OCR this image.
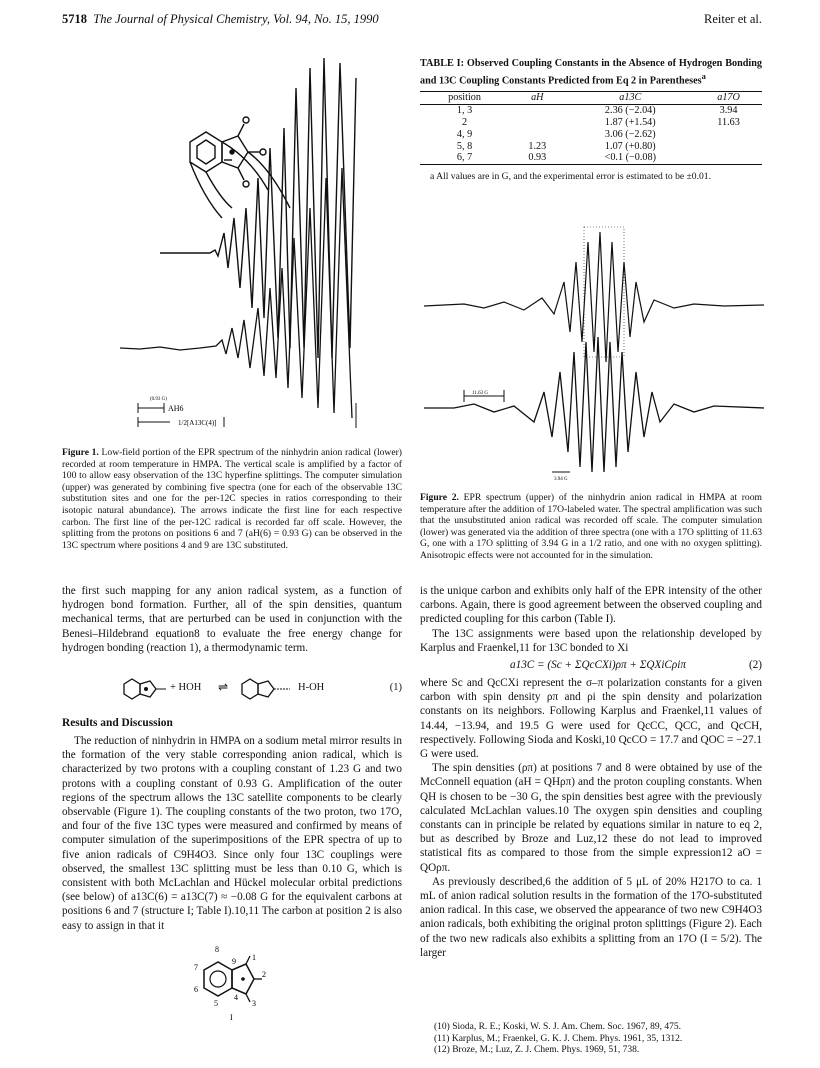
5718 The Journal of Physical Chemistry, Vol. 94, No. 15, 1990	Reiter et al.
(0.93 G)
AH6
1/2[A13C(4)]
Figure 1. Low-field portion of the EPR spectrum of the ninhydrin anion radical (lower) recorded at room temperature in HMPA. The vertical scale is amplified by a factor of 100 to allow easy observation of the 13C hyperfine splittings. The computer simulation (upper) was generated by combining five spectra (one for each of the observable 13C substitution sites and one for the per-12C species in ratios corresponding to their isotopic natural abundance). The arrows indicate the first line for each respective carbon. The first line of the per-12C radical is recorded far off scale. However, the splitting from the protons on positions 6 and 7 (aH(6) = 0.93 G) can be observed in the 13C spectrum where positions 4 and 9 are 13C substituted.
the first such mapping for any anion radical system, as a function of hydrogen bond formation. Further, all of the spin densities, quantum mechanical terms, that are perturbed can be used in conjunction with the Benesi–Hildebrand equation8 to evaluate the free energy change for hydrogen bonding (reaction 1), a thermodynamic term.
+ HOH ⇌	H-OH	(1)
Results and Discussion

The reduction of ninhydrin in HMPA on a sodium metal mirror results in the formation of the very stable corresponding anion radical, which is characterized by two protons with a coupling constant of 1.23 G and two protons with a coupling constant of 0.93 G. Amplification of the outer regions of the spectrum allows the 13C satellite components to be clearly observable (Figure 1). The coupling constants of the two proton, two 17O, and four of the five 13C types were measured and confirmed by means of computer simulation of the superimpositions of the EPR spectra of up to five anion radicals of C9H4O3. Since only four 13C couplings were observed, the smallest 13C splitting must be less than 0.10 G, which is consistent with both McLachlan and Hückel molecular orbital predictions (see below) of a13C(6) = a13C(7) ≈ −0.08 G for the equivalent carbons at positions 6 and 7 (structure I; Table I).10,11 The carbon at position 2 is also easy to assign in that it

8
9 1
7
2
6
3
5
4
I
TABLE I: Observed Coupling Constants in the Absence of Hydrogen Bonding and 13C Coupling Constants Predicted from Eq 2 in Parentheses$^a$
position	aH	a13C	a17O
1, 3		2.36 (−2.04)	3.94
2		1.87 (+1.54)	11.63
4, 9		3.06 (−2.62)	
5, 8	1.23	1.07 (+0.80)	
6, 7	0.93	<0.1 (−0.08)	
a All values are in G, and the experimental error is estimated to be ±0.01.
11.63 G
3.94 G
Figure 2. EPR spectrum (upper) of the ninhydrin anion radical in HMPA at room temperature after the addition of 17O-labeled water. The spectral amplification was such that the unsubstituted anion radical was recorded off scale. The computer simulation (lower) was generated via the addition of three spectra (one with a 17O splitting of 11.63 G, one with a 17O splitting of 3.94 G in a 1/2 ratio, and one with no oxygen splitting). Anisotropic effects were not accounted for in the simulation.

is the unique carbon and exhibits only half of the EPR intensity of the other carbons. Again, there is good agreement between the observed coupling and predicted coupling for this carbon (Table I).

The 13C assignments were based upon the relationship developed by Karplus and Fraenkel,11 for 13C bonded to Xi

a13C = (Sc + ΣQcCXi)ρπ + ΣQXiCρiπ	(2)

where Sc and QcCXi represent the σ–π polarization constants for a given carbon with spin density ρπ and ρi the spin density and polarization constants on its neighbors. Following Karplus and Fraenkel,11 values of 14.44, −13.94, and 19.5 G were used for QcCC, QCC, and QcCH, respectively. Following Sioda and Koski,10 QcCO = 17.7 and QOC = −27.1 G were used.

The spin densities (ρπ) at positions 7 and 8 were obtained by use of the McConnell equation (aH = QHρπ) and the proton coupling constants. When QH is chosen to be −30 G, the spin densities best agree with the previously calculated McLachlan values.10 The oxygen spin densities and coupling constants can in principle be related by equations similar in nature to eq 2, but as described by Broze and Luz,12 these do not lead to improved statistical fits as compared to those from the simple expression12 aO = QOρπ.

As previously described,6 the addition of 5 μL of 20% H217O to ca. 1 mL of anion radical solution results in the formation of the 17O-substituted anion radical. In this case, we observed the appearance of two new C9H4O3 anion radicals, both exhibiting the original proton splittings (Figure 2). Each of the two new radicals also exhibits a splitting from an 17O (I = 5/2). The larger

(10) Sioda, R. E.; Koski, W. S. J. Am. Chem. Soc. 1967, 89, 475.
(11) Karplus, M.; Fraenkel, G. K. J. Chem. Phys. 1961, 35, 1312.
(12) Broze, M.; Luz, Z. J. Chem. Phys. 1969, 51, 738.
